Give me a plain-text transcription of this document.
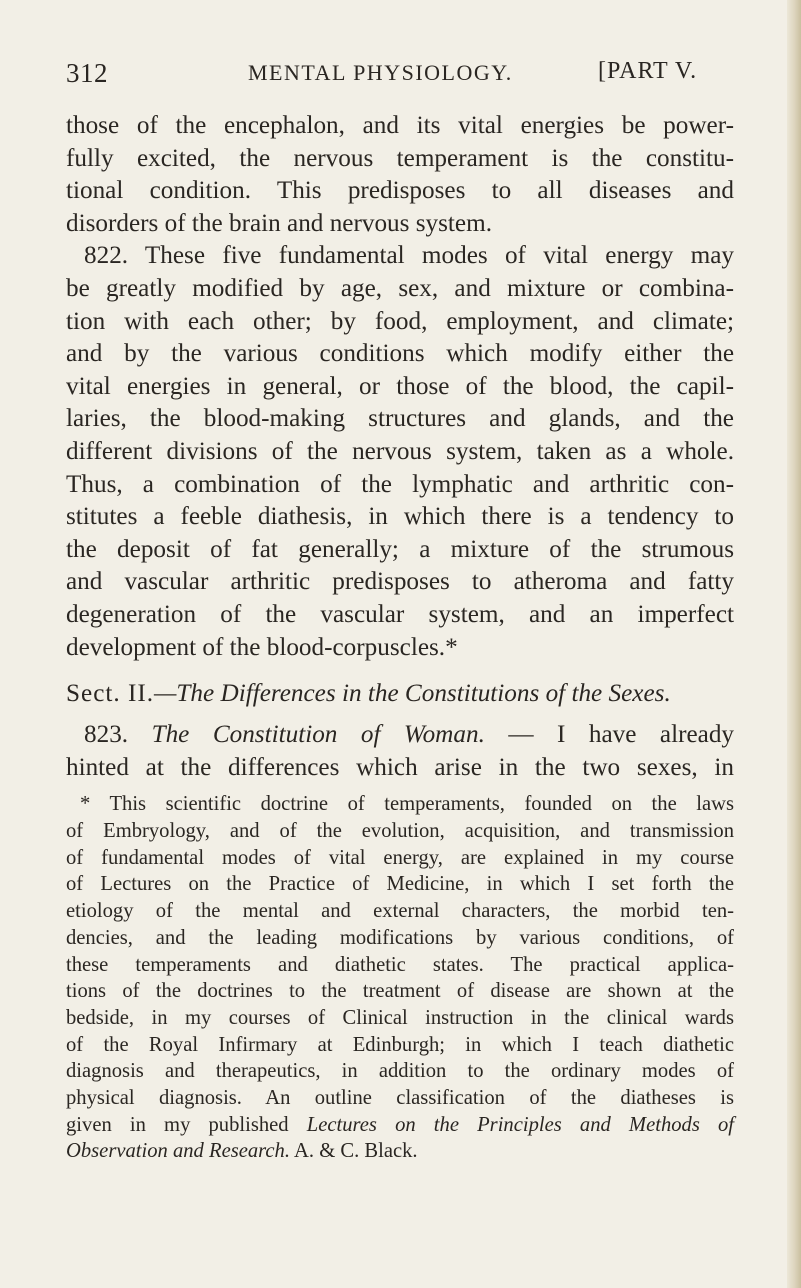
312	MENTAL PHYSIOLOGY.	[PART V.
those of the encephalon, and its vital energies be power-
fully excited, the nervous temperament is the constitu-
tional condition. This predisposes to all diseases and
disorders of the brain and nervous system.
822. These five fundamental modes of vital energy may
be greatly modified by age, sex, and mixture or combina-
tion with each other; by food, employment, and climate;
and by the various conditions which modify either the
vital energies in general, or those of the blood, the capil-
laries, the blood-making structures and glands, and the
different divisions of the nervous system, taken as a whole.
Thus, a combination of the lymphatic and arthritic con-
stitutes a feeble diathesis, in which there is a tendency to
the deposit of fat generally; a mixture of the strumous
and vascular arthritic predisposes to atheroma and fatty
degeneration of the vascular system, and an imperfect
development of the blood-corpuscles.*
Sect. II.—The Differences in the Constitutions of the Sexes.
823. The Constitution of Woman. — I have already
hinted at the differences which arise in the two sexes, in
* This scientific doctrine of temperaments, founded on the laws
of Embryology, and of the evolution, acquisition, and transmission
of fundamental modes of vital energy, are explained in my course
of Lectures on the Practice of Medicine, in which I set forth the
etiology of the mental and external characters, the morbid ten-
dencies, and the leading modifications by various conditions, of
these temperaments and diathetic states. The practical applica-
tions of the doctrines to the treatment of disease are shown at the
bedside, in my courses of Clinical instruction in the clinical wards
of the Royal Infirmary at Edinburgh; in which I teach diathetic
diagnosis and therapeutics, in addition to the ordinary modes of
physical diagnosis. An outline classification of the diatheses is
given in my published Lectures on the Principles and Methods of
Observation and Research. A. & C. Black.
